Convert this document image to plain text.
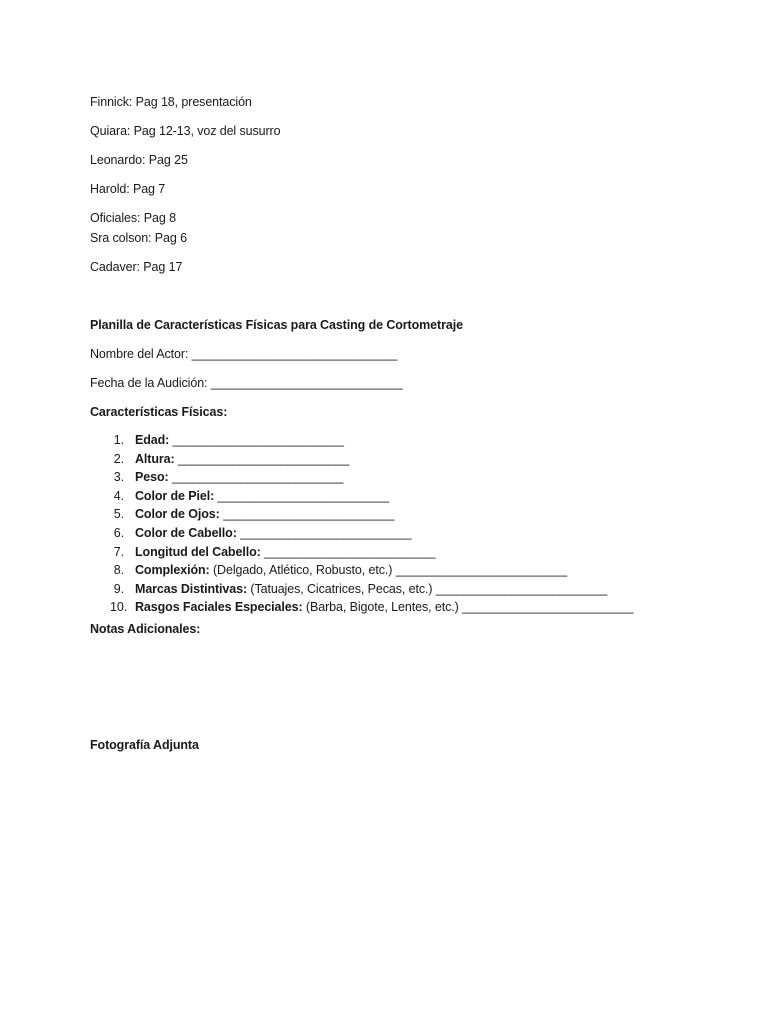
Finnick: Pag 18, presentación
Quiara: Pag 12-13, voz del susurro
Leonardo: Pag 25
Harold: Pag 7
Oficiales: Pag 8
Sra colson: Pag 6
Cadaver: Pag 17
Planilla de Características Físicas para Casting de Cortometraje
Nombre del Actor: ______________________________
Fecha de la Audición: ____________________________
Características Físicas:
1. Edad: _________________________
2. Altura: _________________________
3. Peso: _________________________
4. Color de Piel: _________________________
5. Color de Ojos: _________________________
6. Color de Cabello: _________________________
7. Longitud del Cabello: _________________________
8. Complexión: (Delgado, Atlético, Robusto, etc.) _________________________
9. Marcas Distintivas: (Tatuajes, Cicatrices, Pecas, etc.) _________________________
10. Rasgos Faciales Especiales: (Barba, Bigote, Lentes, etc.) _________________________
Notas Adicionales:
Fotografía Adjunta
